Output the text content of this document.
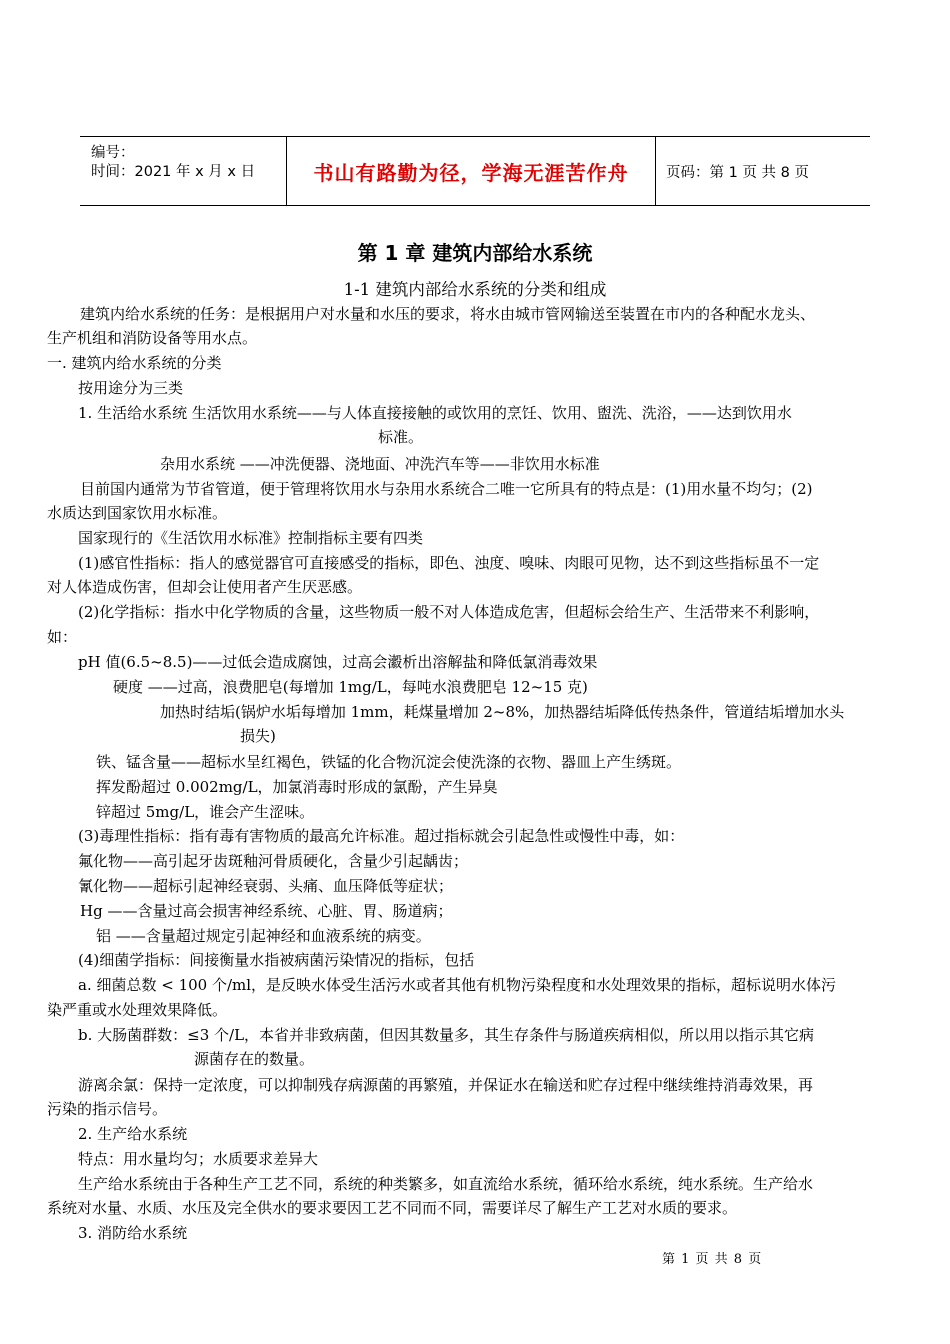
编号：
时间：2021 年 x 月 x 日	书山有路勤为径，学海无涯苦作舟	页码：第 1 页 共 8 页
第 1 章 建筑内部给水系统
1-1 建筑内部给水系统的分类和组成
建筑内给水系统的任务：是根据用户对水量和水压的要求，将水由城市管网输送至装置在市内的各种配水龙头、
生产机组和消防设备等用水点。
一. 建筑内给水系统的分类
按用途分为三类
1. 生活给水系统 生活饮用水系统——与人体直接接触的或饮用的烹饪、饮用、盥洗、洗浴，——达到饮用水
标准。
杂用水系统 ——冲洗便器、浇地面、冲洗汽车等——非饮用水标准
目前国内通常为节省管道，便于管理将饮用水与杂用水系统合二唯一它所具有的特点是：(1)用水量不均匀；(2)
水质达到国家饮用水标准。
国家现行的《生活饮用水标准》控制指标主要有四类
(1)感官性指标：指人的感觉器官可直接感受的指标，即色、浊度、嗅味、肉眼可见物，达不到这些指标虽不一定
对人体造成伤害，但却会让使用者产生厌恶感。
(2)化学指标：指水中化学物质的含量，这些物质一般不对人体造成危害，但超标会给生产、生活带来不利影响，
如：
pH 值(6.5~8.5)——过低会造成腐蚀，过高会瀫析出溶解盐和降低氯消毒效果
硬度 ——过高，浪费肥皂(每增加 1mg/L，每吨水浪费肥皂 12~15 克)
加热时结垢(锅炉水垢每增加 1mm，耗煤量增加 2~8%，加热器结垢降低传热条件，管道结垢增加水头
损失)
铁、锰含量——超标水呈红褐色，铁锰的化合物沉淀会使洗涤的衣物、器皿上产生绣斑。
挥发酚超过 0.002mg/L，加氯消毒时形成的氯酚，产生异臭
锌超过 5mg/L，谁会产生涩味。
(3)毒理性指标：指有毒有害物质的最高允许标准。超过指标就会引起急性或慢性中毒，如：
氟化物——高引起牙齿斑釉河骨质硬化，含量少引起龋齿；
氰化物——超标引起神经衰弱、头痛、血压降低等症状；
Hg ——含量过高会损害神经系统、心脏、胃、肠道病；
铝 ——含量超过规定引起神经和血液系统的病变。
(4)细菌学指标：间接衡量水指被病菌污染情况的指标，包括
a. 细菌总数 < 100 个/ml，是反映水体受生活污水或者其他有机物污染程度和水处理效果的指标，超标说明水体污
染严重或水处理效果降低。
b. 大肠菌群数：≤3 个/L，本省并非致病菌，但因其数量多，其生存条件与肠道疾病相似，所以用以指示其它病
源菌存在的数量。
游离余氯：保持一定浓度，可以抑制残存病源菌的再繁殖，并保证水在输送和贮存过程中继续维持消毒效果，再
污染的指示信号。
2. 生产给水系统
特点：用水量均匀；水质要求差异大
生产给水系统由于各种生产工艺不同，系统的种类繁多，如直流给水系统，循环给水系统，纯水系统。生产给水
系统对水量、水质、水压及完全供水的要求要因工艺不同而不同，需要详尽了解生产工艺对水质的要求。
3. 消防给水系统
第 1 页 共 8 页
